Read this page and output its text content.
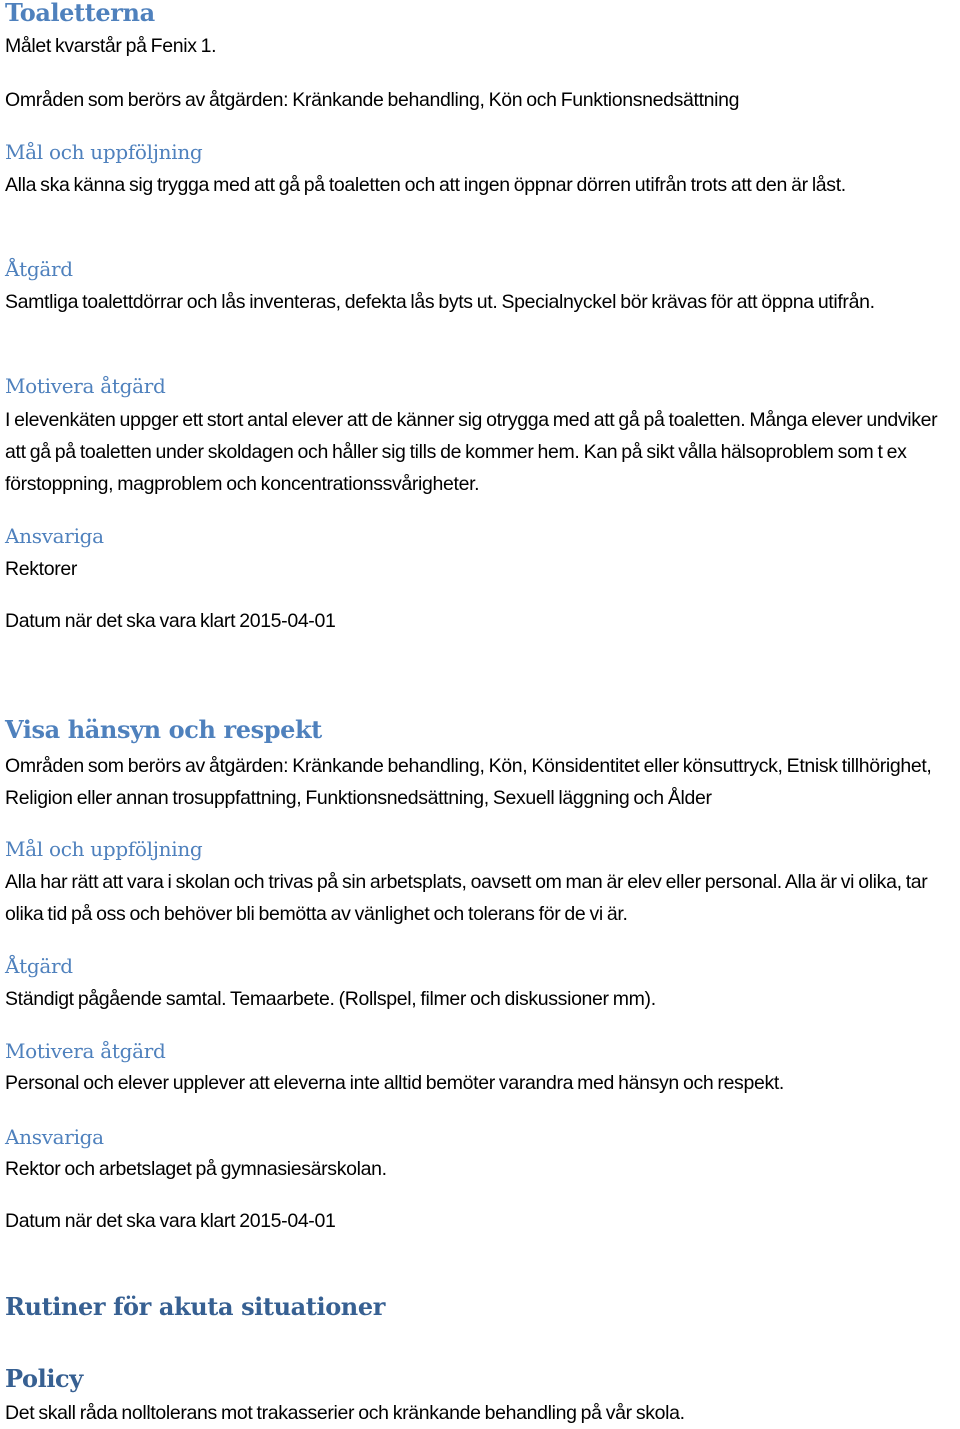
Toaletterna
Målet kvarstår på Fenix 1.
Områden som berörs av åtgärden: Kränkande behandling, Kön och Funktionsnedsättning
Mål och uppföljning
Alla ska känna sig trygga med att gå på toaletten och att ingen öppnar dörren utifrån trots att den är låst.
Åtgärd
Samtliga toalettdörrar och lås inventeras, defekta lås byts ut. Specialnyckel bör krävas för att öppna utifrån.
Motivera åtgärd
I elevenkäten uppger ett stort antal elever att de känner sig otrygga med att gå på toaletten. Många elever undviker att gå på toaletten under skoldagen och håller sig tills de kommer hem. Kan på sikt vålla hälsoproblem som t ex förstoppning, magproblem och koncentrationssvårigheter.
Ansvariga
Rektorer
Datum när det ska vara klart 2015-04-01
Visa hänsyn och respekt
Områden som berörs av åtgärden: Kränkande behandling, Kön, Könsidentitet eller könsuttryck, Etnisk tillhörighet, Religion eller annan trosuppfattning, Funktionsnedsättning, Sexuell läggning och Ålder
Mål och uppföljning
Alla har rätt att vara i skolan och trivas på sin arbetsplats, oavsett om man är elev eller personal. Alla är vi olika, tar olika tid på oss och behöver bli bemötta av vänlighet och tolerans för de vi är.
Åtgärd
Ständigt pågående samtal. Temaarbete. (Rollspel, filmer och diskussioner mm).
Motivera åtgärd
Personal och elever upplever att eleverna inte alltid bemöter varandra med hänsyn och respekt.
Ansvariga
Rektor och arbetslaget på gymnasiesärskolan.
Datum när det ska vara klart 2015-04-01
Rutiner för akuta situationer
Policy
Det skall råda nolltolerans mot trakasserier och kränkande behandling på vår skola.
